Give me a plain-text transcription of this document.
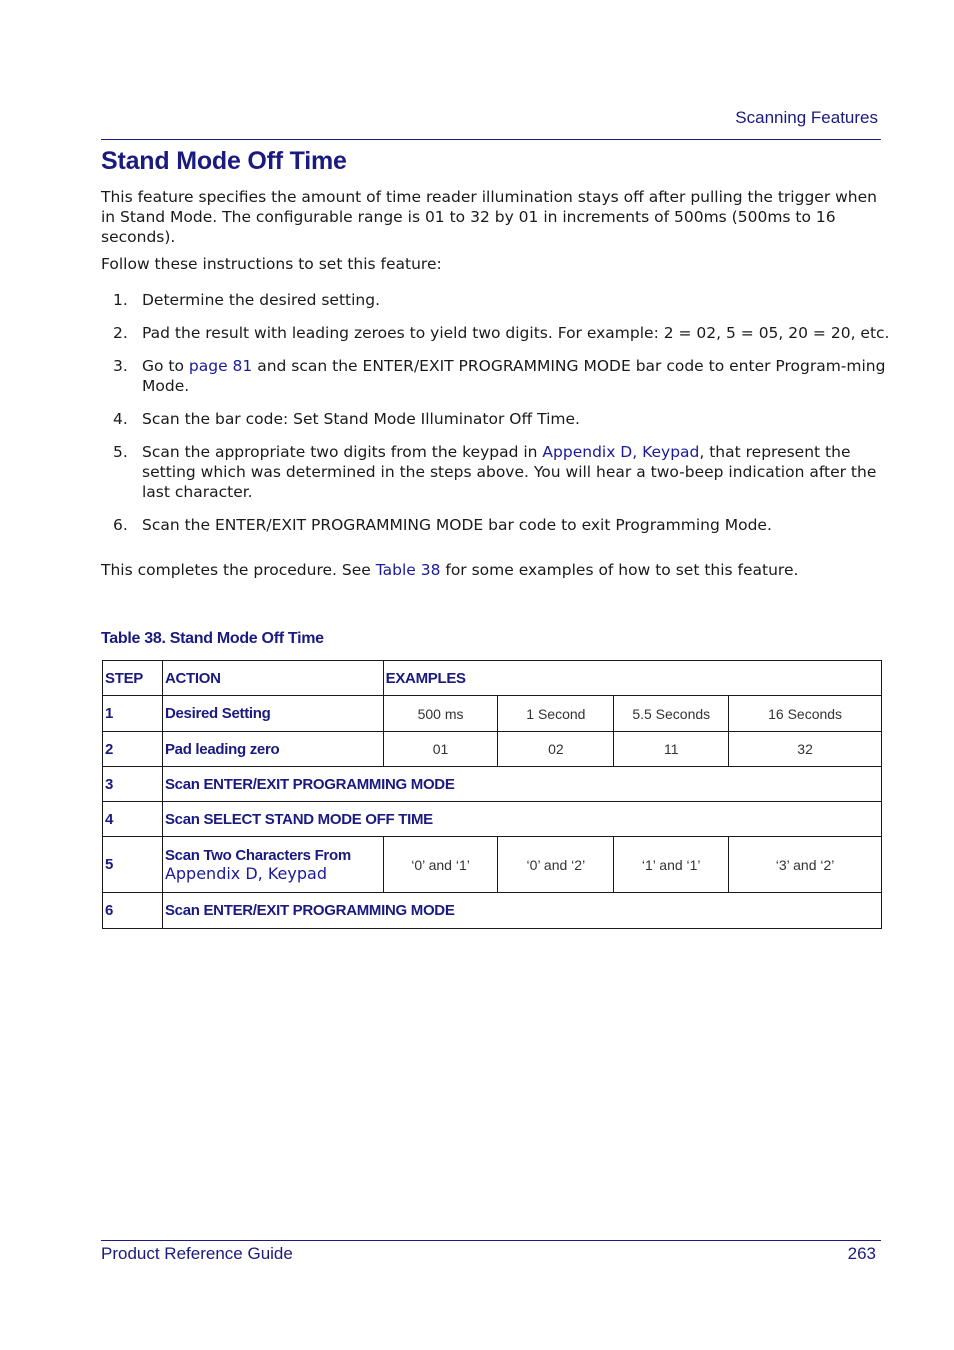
Scanning Features
Stand Mode Off Time

This feature specifies the amount of time reader illumination stays off after pulling the trigger when in Stand Mode. The configurable range is 01 to 32 by 01 in increments of 500ms (500ms to 16 seconds).

Follow these instructions to set this feature:

1. Determine the desired setting.
2. Pad the result with leading zeroes to yield two digits. For example: 2 = 02, 5 = 05, 20 = 20, etc.
3. Go to page 81 and scan the ENTER/EXIT PROGRAMMING MODE bar code to enter Program-ming Mode.
4. Scan the bar code: Set Stand Mode Illuminator Off Time.
5. Scan the appropriate two digits from the keypad in Appendix D, Keypad, that represent the setting which was determined in the steps above. You will hear a two-beep indication after the last character.
6. Scan the ENTER/EXIT PROGRAMMING MODE bar code to exit Programming Mode.

This completes the procedure. See Table 38 for some examples of how to set this feature.

Table 38. Stand Mode Off Time
STEP	ACTION	EXAMPLES			
1	Desired Setting	500 ms	1 Second	5.5 Seconds	16 Seconds
2	Pad leading zero	01	02	11	32
3	Scan ENTER/EXIT PROGRAMMING MODE				
4	Scan SELECT STAND MODE OFF TIME				
5	Scan Two Characters From
Appendix D, Keypad	‘0’ and ‘1’	‘0’ and ‘2’	‘1’ and ‘1’	‘3’ and ‘2’
6	Scan ENTER/EXIT PROGRAMMING MODE				
Product Reference Guide	263
